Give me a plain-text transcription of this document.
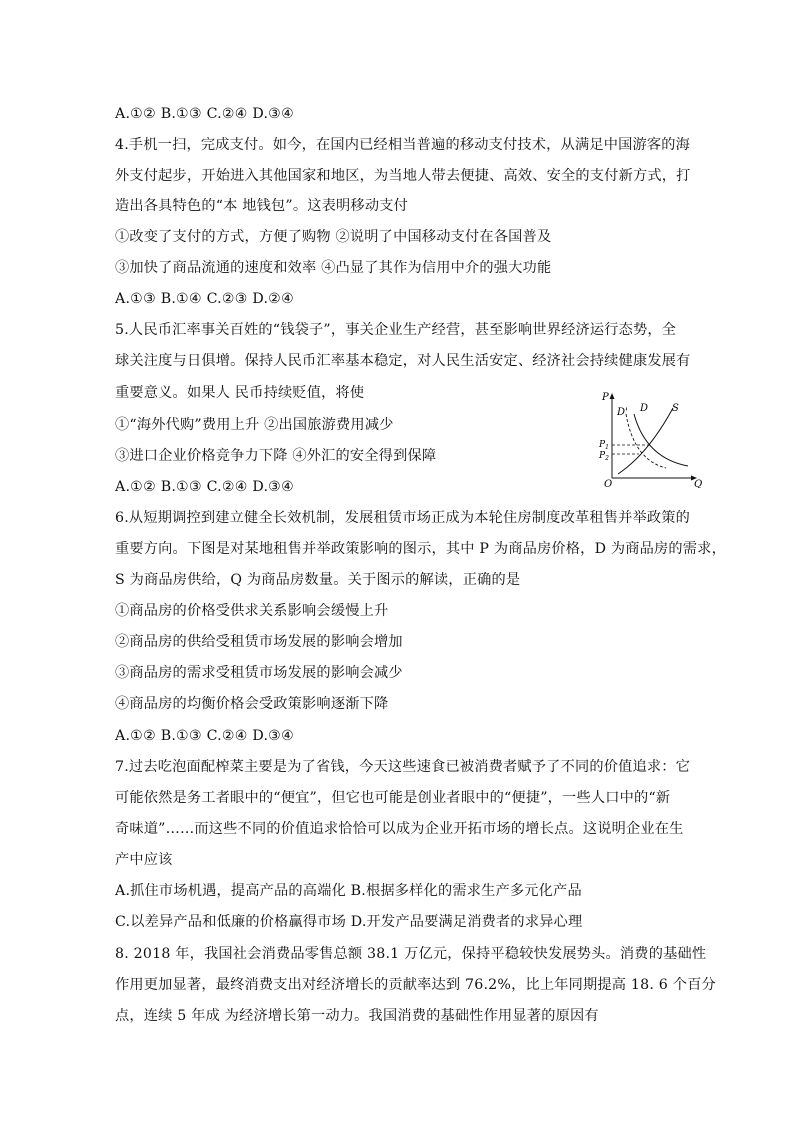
A.①② B.①③ C.②④ D.③④
4.手机一扫，完成支付。如今，在国内已经相当普遍的移动支付技术，从满足中国游客的海
外支付起步，开始进入其他国家和地区，为当地人带去便捷、高效、安全的支付新方式，打
造出各具特色的“本 地钱包”。这表明移动支付
①改变了支付的方式，方便了购物 ②说明了中国移动支付在各国普及
③加快了商品流通的速度和效率 ④凸显了其作为信用中介的强大功能
A.①③ B.①④ C.②③ D.②④
5.人民币汇率事关百姓的“钱袋子”，事关企业生产经营，甚至影响世界经济运行态势，全
球关注度与日俱增。保持人民币汇率基本稳定，对人民生活安定、经济社会持续健康发展有
重要意义。如果人 民币持续贬值，将使
①“海外代购”费用上升 ②出国旅游费用减少
③进口企业价格竞争力下降 ④外汇的安全得到保障
A.①② B.①③ C.②④ D.③④
6.从短期调控到建立健全长效机制，发展租赁市场正成为本轮住房制度改革租售并举政策的
重要方向。下图是对某地租售并举政策影响的图示，其中 P 为商品房价格，D 为商品房的需求，
S 为商品房供给，Q 为商品房数量。关于图示的解读，正确的是
①商品房的价格受供求关系影响会缓慢上升
②商品房的供给受租赁市场发展的影响会增加
③商品房的需求受租赁市场发展的影响会减少
④商品房的均衡价格会受政策影响逐渐下降
A.①② B.①③ C.②④ D.③④
7.过去吃泡面配榨菜主要是为了省钱，今天这些速食已被消费者赋予了不同的价值追求：它
可能依然是务工者眼中的“便宜”，但它也可能是创业者眼中的“便捷”，一些人口中的“新
奇味道”……而这些不同的价值追求恰恰可以成为企业开拓市场的增长点。这说明企业在生
产中应该
A.抓住市场机遇，提高产品的高端化 B.根据多样化的需求生产多元化产品
C.以差异产品和低廉的价格赢得市场 D.开发产品要满足消费者的求异心理
8. 2018 年，我国社会消费品零售总额 38.1 万亿元，保持平稳较快发展势头。消费的基础性
作用更加显著，最终消费支出对经济增长的贡献率达到 76.2%，比上年同期提高 18. 6 个百分
点，连续 5 年成 为经济增长第一动力。我国消费的基础性作用显著的原因有
P
Q
O
D' D S
$P_1$
$P_2$
